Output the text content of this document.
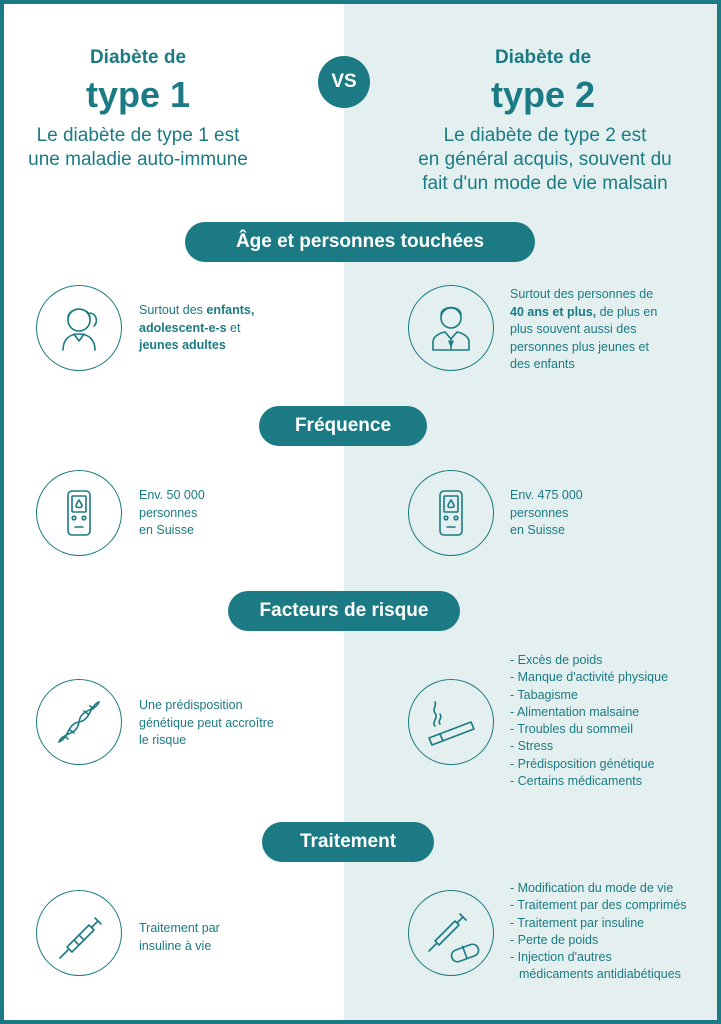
Diabète de
type 1
Le diabète de type 1 est
une maladie auto-immune
VS
Diabète de
type 2
Le diabète de type 2 est
en général acquis, souvent du
fait d'un mode de vie malsain
Âge et personnes touchées
Surtout des enfants,
adolescent-e-s et
jeunes adultes
Surtout des personnes de
40 ans et plus, de plus en
plus souvent aussi des
personnes plus jeunes et
des enfants
Fréquence
Env. 50 000
personnes
en Suisse
Env. 475 000
personnes
en Suisse
Facteurs de risque
Une prédisposition
génétique peut accroître
le risque
- Excès de poids
- Manque d'activité physique
- Tabagisme
- Alimentation malsaine
- Troubles du sommeil
- Stress
- Prédisposition génétique
- Certains médicaments
Traitement
Traitement par
insuline à vie
- Modification du mode de vie
- Traitement par des comprimés
- Traitement par insuline
- Perte de poids
- Injection d'autres
médicaments antidiabétiques
